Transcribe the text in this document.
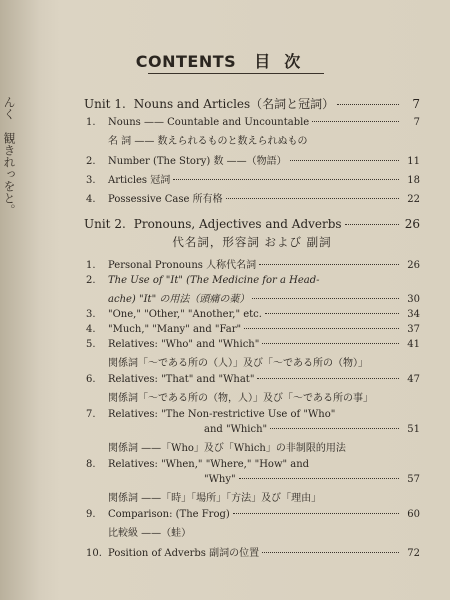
んく　観きれっをと。
CONTENTS 目次
Unit 1. Nouns and Articles（名詞と冠詞）	7
1. Nouns —— Countable and Uncountable	7
名 詞 —— 数えられるものと数えられぬもの
2. Number (The Story) 数 ——（物語）	11
3. Articles 冠詞	18
4. Possessive Case 所有格	22
Unit 2. Pronouns, Adjectives and Adverbs	26
代名詞，形容詞 および 副詞
1. Personal Pronouns 人称代名詞	26
2. The Use of "It" (The Medicine for a Head-
ache) "It" の用法（頭痛の薬）	30
3. "One," "Other," "Another," etc.	34
4. "Much," "Many" and "Far"	37
5. Relatives: "Who" and "Which"	41
関係詞「～である所の（人）」及び「～である所の（物）」
6. Relatives: "That" and "What"	47
関係詞「～である所の（物，人）」及び「～である所の事」
7. Relatives: "The Non-restrictive Use of "Who"
and "Which"	51
関係詞 ——「Who」及び「Which」の非制限的用法
8. Relatives: "When," "Where," "How" and
"Why"	57
関係詞 ——「時」「場所」「方法」及び「理由」
9. Comparison: (The Frog)	60
比較級 ——（蛙）
10. Position of Adverbs 副詞の位置	72
